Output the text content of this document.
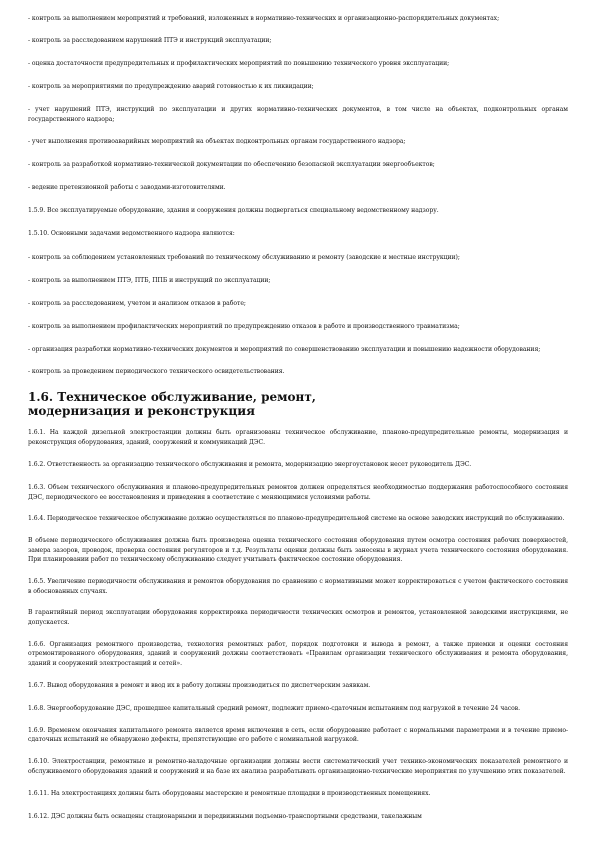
- контроль за выполнением мероприятий и требований, изложенных в нормативно-технических и организационно-распорядительных документах;

- контроль за расследованием нарушений ПТЭ и инструкций эксплуатации;

- оценка достаточности предупредительных и профилактических мероприятий по повышению технического уровня эксплуатации;

- контроль за мероприятиями по предупреждению аварий готовностью к их ликвидации;

- учет нарушений ПТЭ, инструкций по эксплуатации и других нормативно-технических документов, в том числе на объектах, подконтрольных органам государственного надзора;

- учет выполнения противоаварийных мероприятий на объектах подконтрольных органам государственного надзора;

- контроль за разработкой нормативно-технической документации по обеспечению безопасной эксплуатации энергообъектов;

- ведение претензионной работы с заводами-изготовителями.

1.5.9. Все эксплуатируемые оборудование, здания и сооружения должны подвергаться специальному ведомственному надзору.

1.5.10. Основными задачами ведомственного надзора являются:

- контроль за соблюдением установленных требований по техническому обслуживанию и ремонту (заводские и местные инструкции);

- контроль за выполнением ПТЭ, ПТБ, ППБ и инструкций по эксплуатации;

- контроль за расследованием, учетом и анализом отказов в работе;

- контроль за выполнением профилактических мероприятий по предупреждению отказов в работе и производственного травматизма;

- организация разработки нормативно-технических документов и мероприятий по совершенствованию эксплуатации и повышению надежности оборудования;

- контроль за проведением периодического технического освидетельствования.

1.6. Техническое обслуживание, ремонт, модернизация и реконструкция

1.6.1. На каждой дизельной электростанции должны быть организованы техническое обслуживание, планово-предупредительные ремонты, модернизация и реконструкция оборудования, зданий, сооружений и коммуникаций ДЭС.

1.6.2. Ответственность за организацию технического обслуживания и ремонта, модернизацию энергоустановок несет руководитель ДЭС.

1.6.3. Объем технического обслуживания и планово-предупредительных ремонтов должен определяться необходимостью поддержания работоспособного состояния ДЭС, периодического ее восстановления и приведения в соответствие с меняющимися условиями работы.

1.6.4. Периодическое техническое обслуживание должно осуществляться по планово-предупредительной системе на основе заводских инструкций по обслуживанию.

В объеме периодического обслуживания должна быть произведена оценка технического состояния оборудования путем осмотра состояния рабочих поверхностей, замера зазоров, проводок, проверка состояния регуляторов и т.д. Результаты оценки должны быть занесены в журнал учета технического состояния оборудования. При планировании работ по техническому обслуживанию следует учитывать фактическое состояние оборудования.

1.6.5. Увеличение периодичности обслуживания и ремонтов оборудования по сравнению с нормативными может корректироваться с учетом фактического состояния в обоснованных случаях.

В гарантийный период эксплуатации оборудования корректировка периодичности технических осмотров и ремонтов, установленной заводскими инструкциями, не допускается.

1.6.6. Организация ремонтного производства, технология ремонтных работ, порядок подготовки и вывода в ремонт, а также приемки и оценки состояния отремонтированного оборудования, зданий и сооружений должны соответствовать «Правилам организации технического обслуживания и ремонта оборудования, зданий и сооружений электростанций и сетей».

1.6.7. Вывод оборудования в ремонт и ввод их в работу должны производиться по диспетчерским заявкам.

1.6.8. Энергооборудование ДЭС, прошедшее капитальный средний ремонт, подлежит приемо-сдаточным испытаниям под нагрузкой в течение 24 часов.

1.6.9. Временем окончания капитального ремонта является время включения в сеть, если оборудование работает с нормальными параметрами и в течение приемо-сдаточных испытаний не обнаружено дефекты, препятствующие его работе с номинальной нагрузкой.

1.6.10. Электростанции, ремонтные и ремонтно-наладочные организации должны вести систематический учет технико-экономических показателей ремонтного и обслуживаемого оборудования зданий и сооружений и на базе их анализа разрабатывать организационно-технические мероприятия по улучшению этих показателей.

1.6.11. На электростанциях должны быть оборудованы мастерские и ремонтные площадки в производственных помещениях.

1.6.12. ДЭС должны быть оснащены стационарными и передвижными подъемно-транспортными средствами, такелажным
